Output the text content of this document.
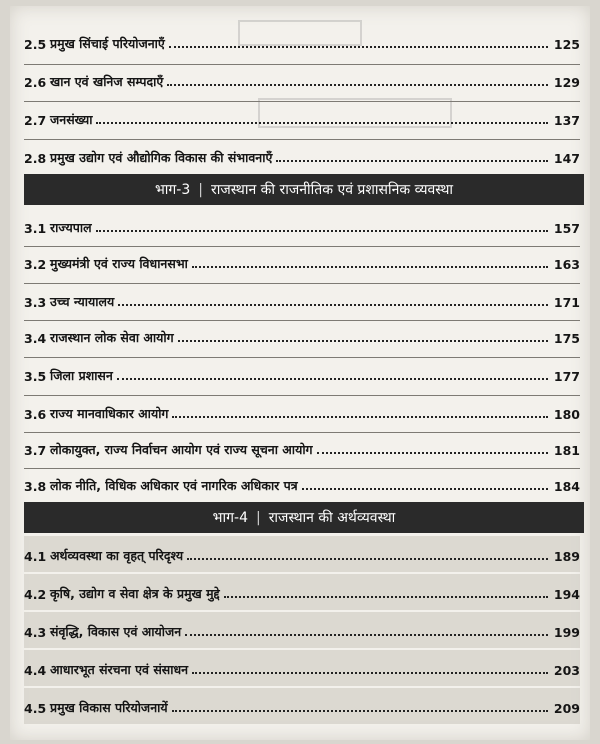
2.5 प्रमुख सिंचाई परियोजनाएँ	125
2.6 खान एवं खनिज सम्पदाएँ	129
2.7 जनसंख्या	137
2.8 प्रमुख उद्योग एवं औद्योगिक विकास की संभावनाएँ	147
भाग-3 | राजस्थान की राजनीतिक एवं प्रशासनिक व्यवस्था
3.1 राज्यपाल	157
3.2 मुख्यमंत्री एवं राज्य विधानसभा	163
3.3 उच्च न्यायालय	171
3.4 राजस्थान लोक सेवा आयोग	175
3.5 जिला प्रशासन	177
3.6 राज्य मानवाधिकार आयोग	180
3.7 लोकायुक्त, राज्य निर्वाचन आयोग एवं राज्य सूचना आयोग	181
3.8 लोक नीति, विधिक अधिकार एवं नागरिक अधिकार पत्र	184
भाग-4 | राजस्थान की अर्थव्यवस्था
4.1 अर्थव्यवस्था का वृहत् परिदृश्य	189
4.2 कृषि, उद्योग व सेवा क्षेत्र के प्रमुख मुद्दे	194
4.3 संवृद्धि, विकास एवं आयोजन	199
4.4 आधारभूत संरचना एवं संसाधन	203
4.5 प्रमुख विकास परियोजनायें	209
